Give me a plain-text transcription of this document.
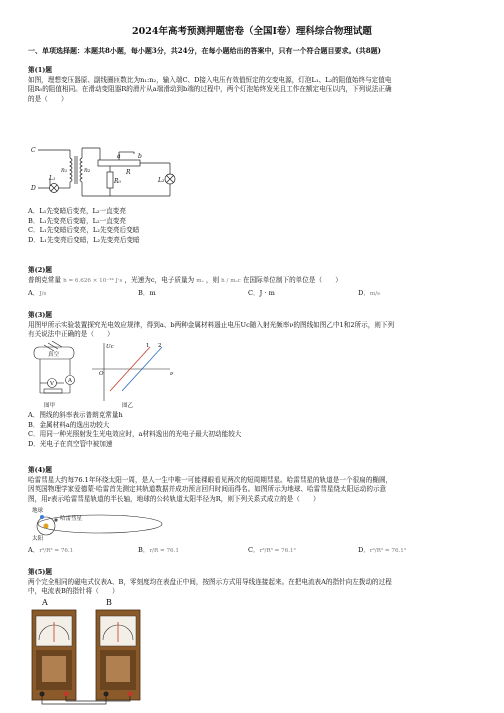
2024年高考预测押题密卷（全国I卷）理科综合物理试题
一、单项选择题：本题共8小题，每小题3分，共24分，在每小题给出的答案中，只有一个符合题目要求。(共8题)
第(1)题
如图，理想变压器原、副线圈匝数比为n₁:n₂，输入端C、D接入电压有效值恒定的交变电源，灯泡L₁、L₂的阻值始终与定值电
阻R₀的阻值相同。在滑动变阻器R的滑片从a端滑动到b端的过程中，两个灯泡始终发光且工作在额定电压以内，下列说法正确
的是（　　）
C
D
n₁	n₂
a	b
R
R₀
L₁	L₂
A．L₁先变暗后变亮，L₂一直变亮
B．L₁先变亮后变暗，L₂一直变亮
C．L₁先变暗后变亮，L₂先变亮后变暗
D．L₁先变亮后变暗，L₂先变亮后变暗
第(2)题
普朗克常量 h = 6.626 × 10⁻³⁴ J·s ，光速为c，电子质量为 mₑ ，则 h / mₑc 在国际单位制下的单位是（　　）
A．J/s	B．m	C．J · m	D．m/s
第(3)题
用图甲所示实验装置探究光电效应规律，得到a、b两种金属材料遏止电压Uc随入射光频率ν的图线如图乙中1和2所示，则下列
有关说法中正确的是（　　）
真空
V	A
Uc
O	ν
1 2
图甲	图乙
A．图线的斜率表示普朗克常量h
B．金属材料a的逸出功较大
C．用同一种光照射发生光电效应时，a材料逸出的光电子最大初动能较大
D．光电子在真空管中被加速
第(4)题
哈雷彗星大约每76.1年环绕太阳一周，是人一生中唯一可能裸眼看见两次的短周期彗星。哈雷彗星的轨道是一个很扁的椭圆，
因英国物理学家爱德蒙·哈雷首先测定其轨道数据并成功预言回归时间而得名。如图所示为地球、哈雷彗星绕太阳运动的示意
图，用r表示哈雷彗星轨道的半长轴，地球的公转轨道太阳半径为R，则下列关系式成立的是（　　）
地球
哈雷彗星
太阳
A．r³/R³ = 76.1	B．r/R = 76.1	C．r³/R³ = 76.1²	D．r³/R³ = 76.1³
第(5)题
两个完全相同的磁电式仪表A、B，零刻度均在表盘正中间，按图示方式用导线连接起来。在把电流表A的指针向左拨动的过程
中，电流表B的指针将（　　）
A	B
